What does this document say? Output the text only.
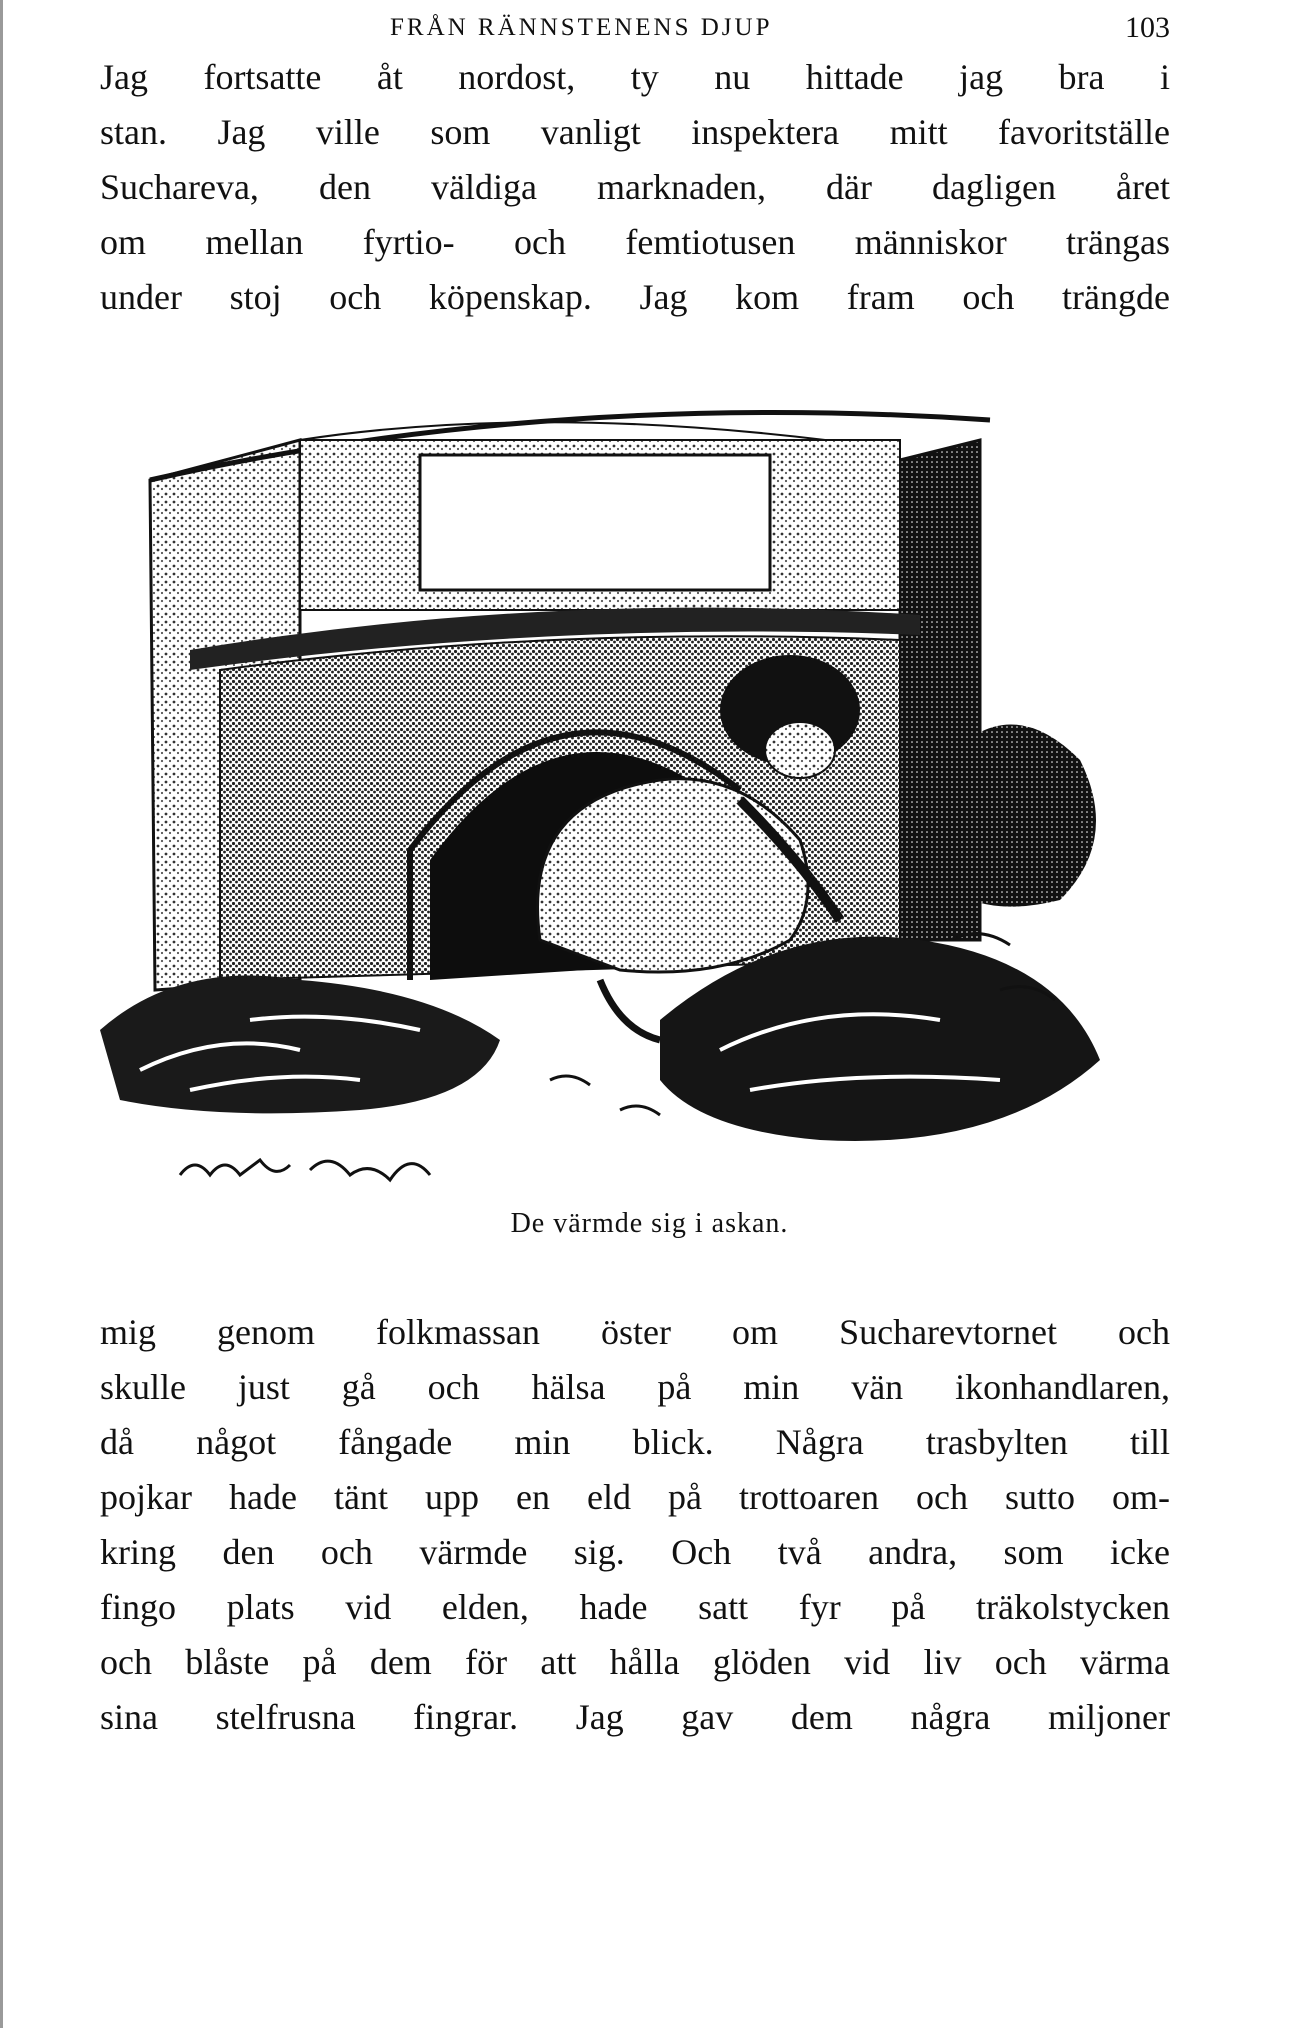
FRÅN RÄNNSTENENS DJUP	103
Jag fortsatte åt nordost, ty nu hittade jag bra i
stan. Jag ville som vanligt inspektera mitt favoritställe
Suchareva, den väldiga marknaden, där dagligen året
om mellan fyrtio- och femtiotusen människor trängas
under stoj och köpenskap. Jag kom fram och trängde
De värmde sig i askan.
mig genom folkmassan öster om Sucharevtornet och
skulle just gå och hälsa på min vän ikonhandlaren,
då något fångade min blick. Några trasbylten till
pojkar hade tänt upp en eld på trottoaren och sutto om-
kring den och värmde sig. Och två andra, som icke
fingo plats vid elden, hade satt fyr på träkolstycken
och blåste på dem för att hålla glöden vid liv och värma
sina stelfrusna fingrar. Jag gav dem några miljoner
